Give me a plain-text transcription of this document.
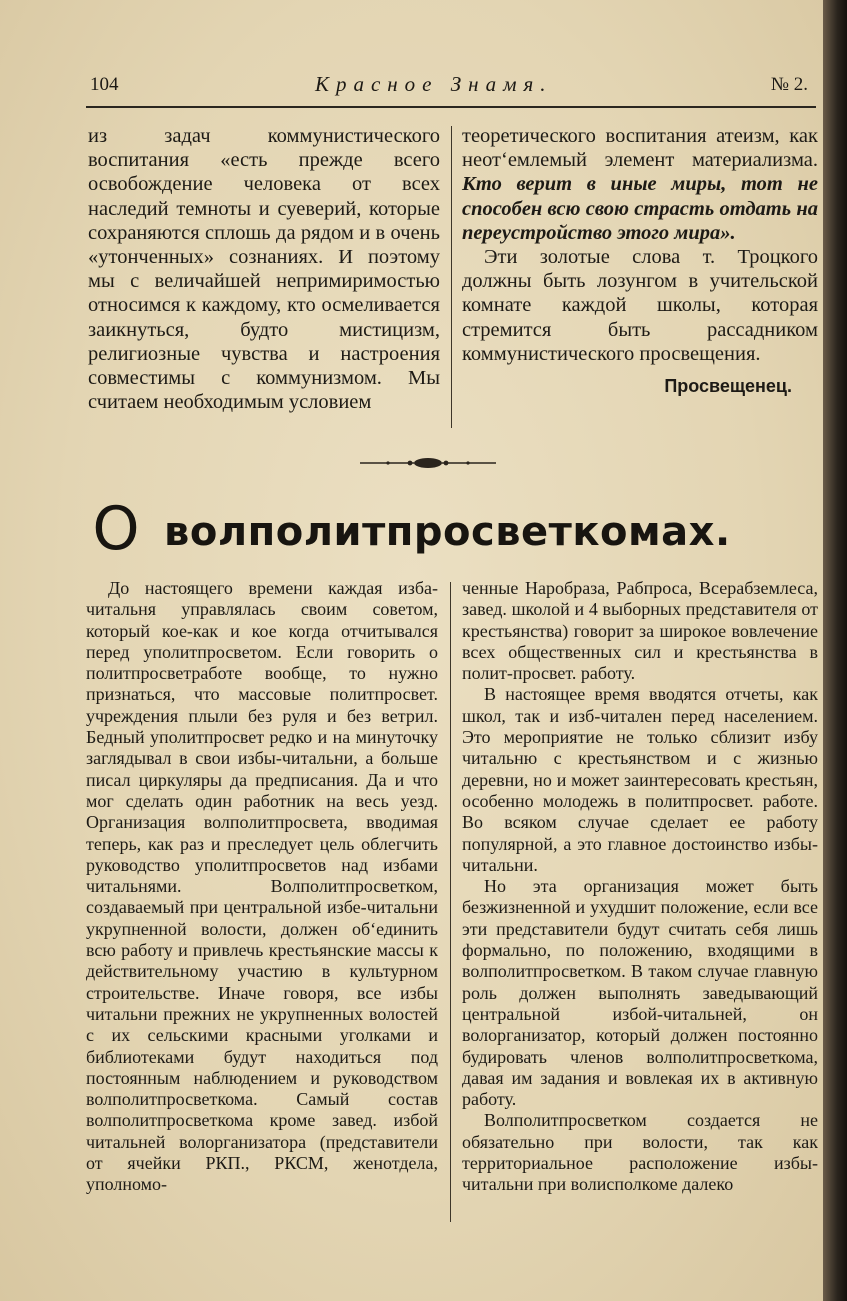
104	Красное Знамя.	№ 2.

из задач коммунистического воспитания «есть прежде всего освобождение человека от всех наследий темноты и суеверий, которые сохраняются сплошь да рядом и в очень «утонченных» сознаниях. И поэтому мы с величайшей непримиримостью относимся к каждому, кто осмеливается заикнуться, будто мистицизм, религиозные чувства и настроения совместимы с коммунизмом. Мы считаем необходимым условием

теоретического воспитания атеизм, как неот‘емлемый элемент материализма. Кто верит в иные миры, тот не способен всю свою страсть отдать на переустройство этого мира».

Эти золотые слова т. Троцкого должны быть лозунгом в учительской комнате каждой школы, которая стремится быть рассадником коммунистического просвещения.

Просвещенец.

Оволполитпросветкомах.

До настоящего времени каждая изба-читальня управлялась своим советом, который кое-как и кое когда отчитывался перед уполитпросветом. Если говорить о политпросветработе вообще, то нужно признаться, что массовые политпросвет. учреждения плыли без руля и без ветрил. Бедный уполитпросвет редко и на минуточку заглядывал в свои избы-читальни, а больше писал циркуляры да предписания. Да и что мог сделать один работник на весь уезд. Организация волполитпросвета, вводимая теперь, как раз и преследует цель облегчить руководство уполитпросветов над избами читальнями. Волполитпросветком, создаваемый при центральной избе-читальни укрупненной волости, должен об‘единить всю работу и привлечь крестьянские массы к действительному участию в культурном строительстве. Иначе говоря, все избы читальни прежних не укрупненных волостей с их сельскими красными уголками и библиотеками будут находиться под постоянным наблюдением и руководством волполитпросветкома. Самый состав волполитпросветкома кроме завед. избой читальней волорганизатора (представители от ячейки РКП., РКСМ, женотдела, уполномо-

ченные Наробраза, Рабпроса, Всерабземлеса, завед. школой и 4 выборных представителя от крестьянства) говорит за широкое вовлечение всех общественных сил и крестьянства в полит-просвет. работу.

В настоящее время вводятся отчеты, как школ, так и изб-читален перед населением. Это мероприятие не только сблизит избу читальню с крестьянством и с жизнью деревни, но и может заинтересовать крестьян, особенно молодежь в политпросвет. работе. Во всяком случае сделает ее работу популярной, а это главное достоинство избы-читальни.

Но эта организация может быть безжизненной и ухудшит положение, если все эти представители будут считать себя лишь формально, по положению, входящими в волполитпросветком. В таком случае главную роль должен выполнять заведывающий центральной избой-читальней, он волорганизатор, который должен постоянно будировать членов волполитпросветкома, давая им задания и вовлекая их в активную работу.

Волполитпросветком создается не обязательно при волости, так как территориальное расположение избы-читальни при волисполкоме далеко
